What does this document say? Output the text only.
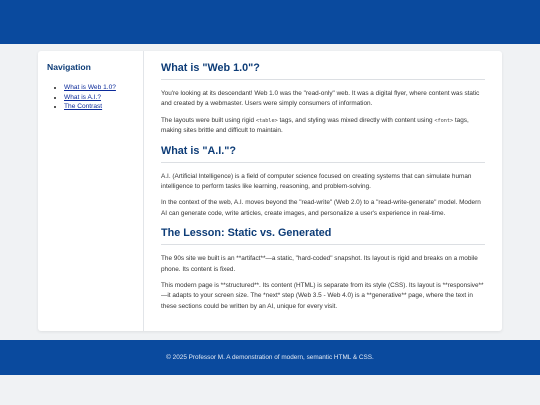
Navigation
• What is Web 1.0?
• What is A.I.?
• The Contrast
What is "Web 1.0"?

You're looking at its descendant! Web 1.0 was the "read-only" web. It was a digital flyer, where content was static and created by a webmaster. Users were simply consumers of information.

The layouts were built using rigid <table> tags, and styling was mixed directly with content using <font> tags, making sites brittle and difficult to maintain.

What is "A.I."?

A.I. (Artificial Intelligence) is a field of computer science focused on creating systems that can simulate human intelligence to perform tasks like learning, reasoning, and problem-solving.

In the context of the web, A.I. moves beyond the "read-write" (Web 2.0) to a "read-write-generate" model. Modern AI can generate code, write articles, create images, and personalize a user's experience in real-time.

The Lesson: Static vs. Generated

The 90s site we built is an **artifact**—a static, "hard-coded" snapshot. Its layout is rigid and breaks on a mobile phone. Its content is fixed.

This modern page is **structured**. Its content (HTML) is separate from its style (CSS). Its layout is **responsive**—it adapts to your screen size. The *next* step (Web 3.5 - Web 4.0) is a **generative** page, where the text in these sections could be written by an AI, unique for every visit.

© 2025 Professor M. A demonstration of modern, semantic HTML & CSS.
